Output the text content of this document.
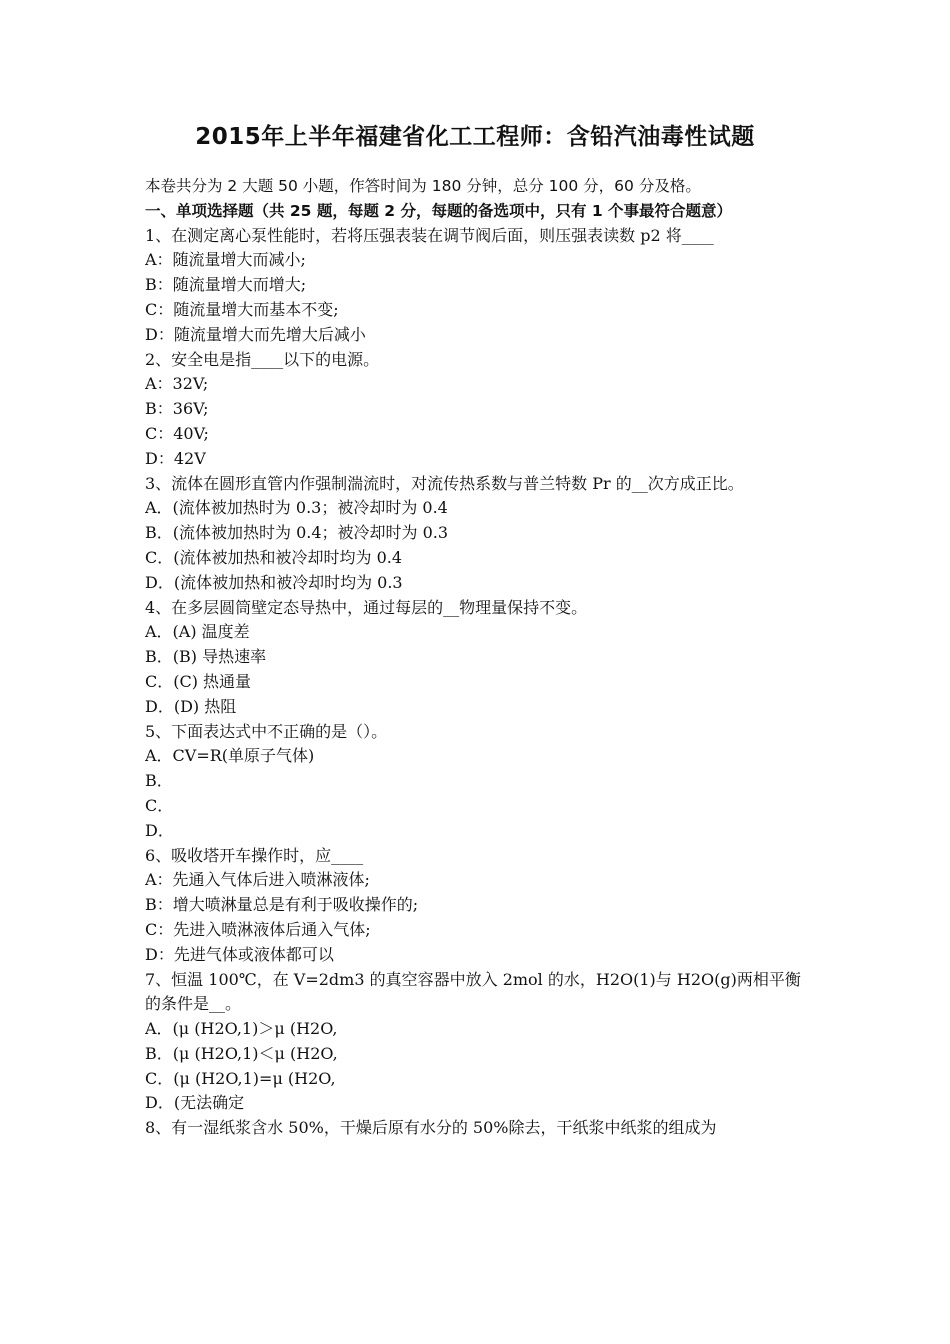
2015年上半年福建省化工工程师：含铅汽油毒性试题
本卷共分为 2 大题 50 小题，作答时间为 180 分钟，总分 100 分，60 分及格。
一、单项选择题（共 25 题，每题 2 分，每题的备选项中，只有 1 个事最符合题意）
1、在测定离心泵性能时，若将压强表装在调节阀后面，则压强表读数 p2 将____
A：随流量增大而减小;
B：随流量增大而增大;
C：随流量增大而基本不变;
D：随流量增大而先增大后减小
2、安全电是指____以下的电源。
A：32V;
B：36V;
C：40V;
D：42V
3、流体在圆形直管内作强制湍流时，对流传热系数与普兰特数 Pr 的__次方成正比。
A．(流体被加热时为 0.3；被冷却时为 0.4
B．(流体被加热时为 0.4；被冷却时为 0.3
C．(流体被加热和被冷却时均为 0.4
D．(流体被加热和被冷却时均为 0.3
4、在多层圆筒壁定态导热中，通过每层的__物理量保持不变。
A．(A) 温度差
B．(B) 导热速率
C．(C) 热通量
D．(D) 热阻
5、下面表达式中不正确的是（）。
A．CV=R(单原子气体)
B．
C．
D．
6、吸收塔开车操作时，应____
A：先通入气体后进入喷淋液体;
B：增大喷淋量总是有利于吸收操作的;
C：先进入喷淋液体后通入气体;
D：先进气体或液体都可以
7、恒温 100℃，在 V=2dm3 的真空容器中放入 2mol 的水，H2O(1)与 H2O(g)两相平衡的条件是__。
A．(μ (H2O,1)＞μ (H2O,
B．(μ (H2O,1)＜μ (H2O,
C．(μ (H2O,1)=μ (H2O,
D．(无法确定
8、有一湿纸浆含水 50%，干燥后原有水分的 50%除去，干纸浆中纸浆的组成为
